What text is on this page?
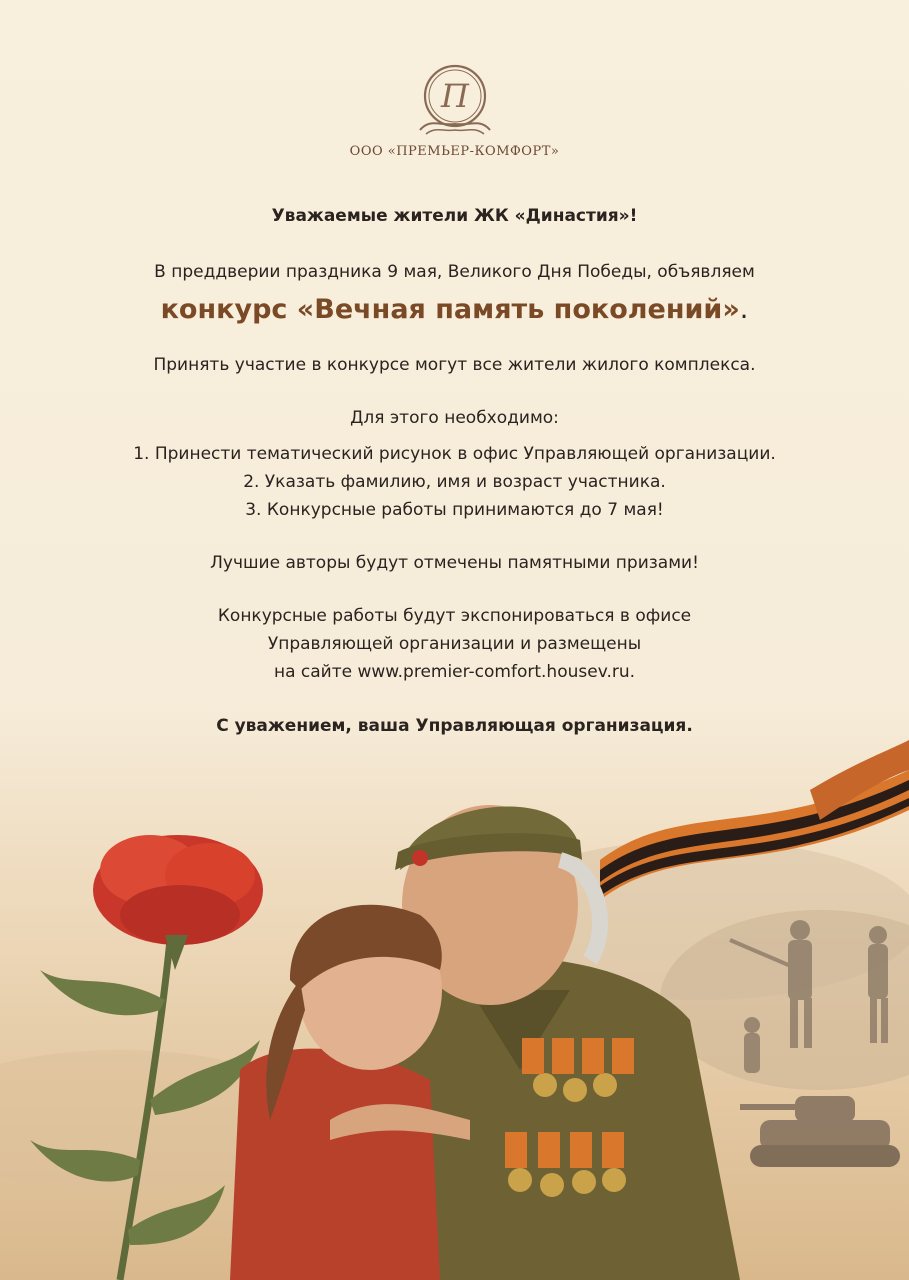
П
ООО «ПРЕМЬЕР-КОМФОРТ»
Уважаемые жители ЖК «Династия»!
В преддверии праздника 9 мая, Великого Дня Победы, объявляем
конкурс «Вечная память поколений».
Принять участие в конкурсе могут все жители жилого комплекса.
Для этого необходимо:
1. Принести тематический рисунок в офис Управляющей организации.
2. Указать фамилию, имя и возраст участника.
3. Конкурсные работы принимаются до 7 мая!
Лучшие авторы будут отмечены памятными призами!
Конкурсные работы будут экспонироваться в офисе
Управляющей организации и размещены
на сайте www.premier-comfort.housev.ru.
С уважением, ваша Управляющая организация.
